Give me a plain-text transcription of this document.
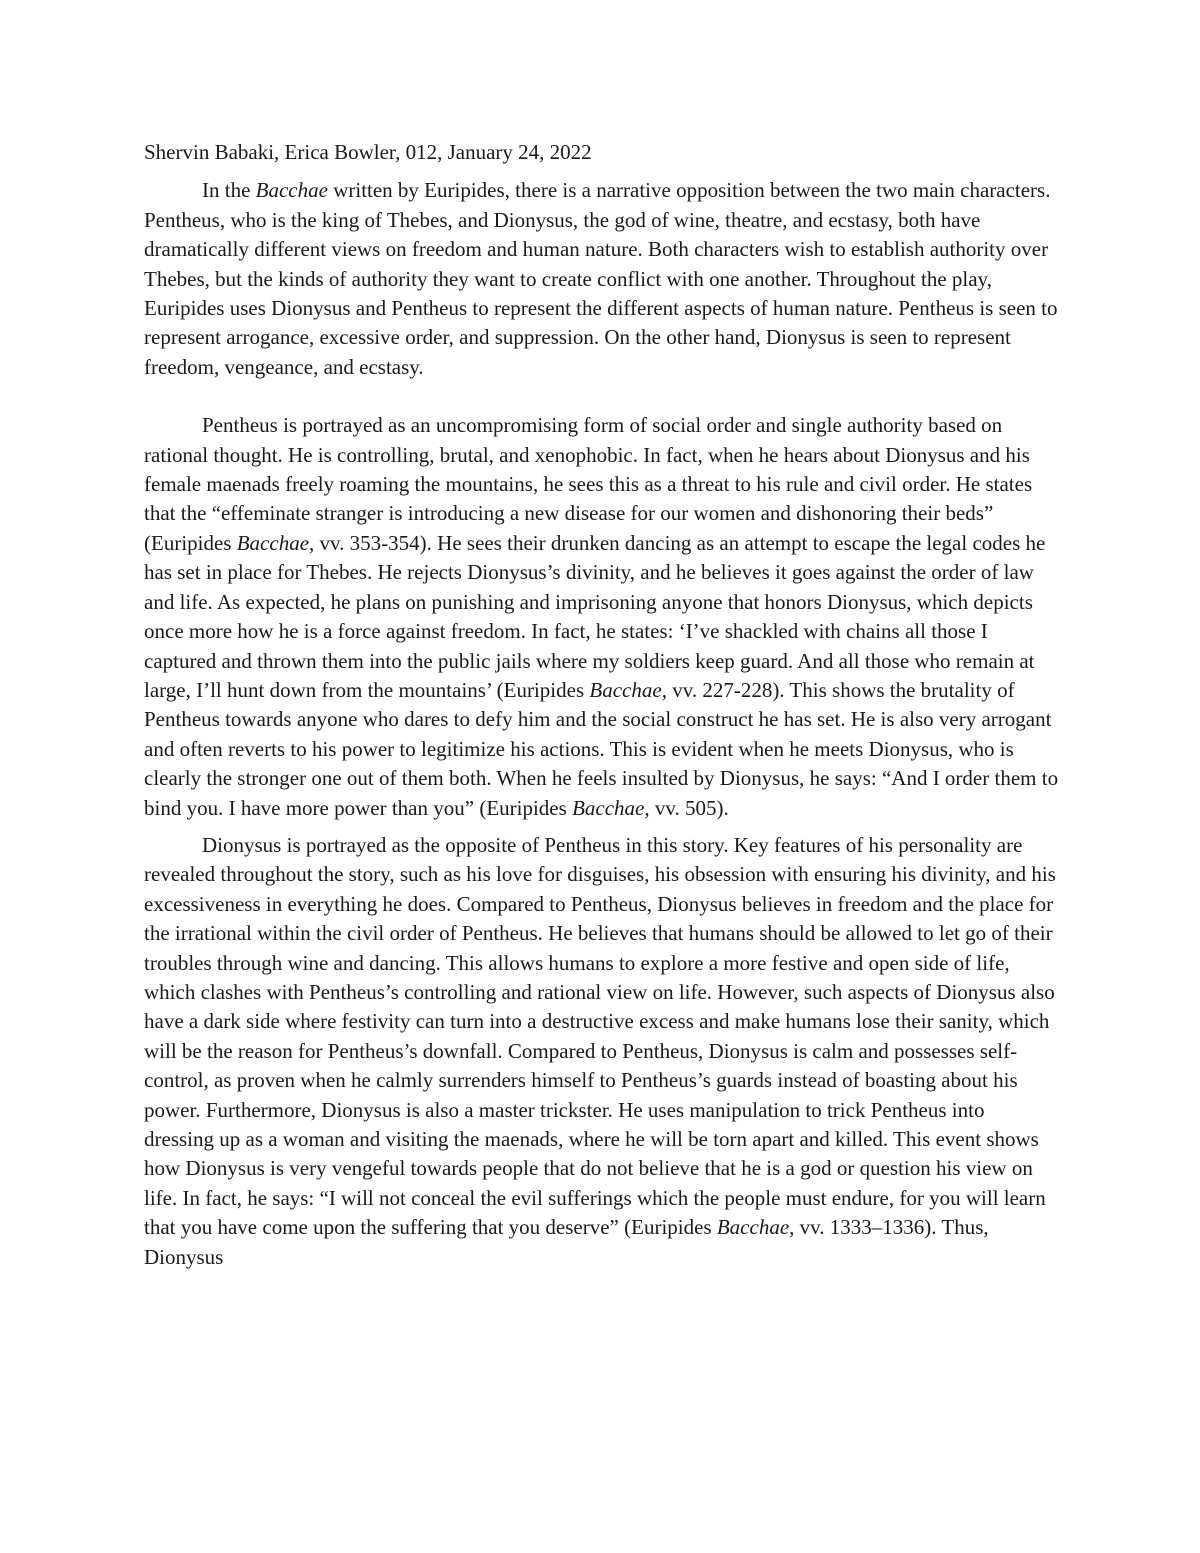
Shervin Babaki, Erica Bowler, 012, January 24, 2022

In the Bacchae written by Euripides, there is a narrative opposition between the two main characters. Pentheus, who is the king of Thebes, and Dionysus, the god of wine, theatre, and ecstasy, both have dramatically different views on freedom and human nature. Both characters wish to establish authority over Thebes, but the kinds of authority they want to create conflict with one another. Throughout the play, Euripides uses Dionysus and Pentheus to represent the different aspects of human nature. Pentheus is seen to represent arrogance, excessive order, and suppression. On the other hand, Dionysus is seen to represent freedom, vengeance, and ecstasy.

Pentheus is portrayed as an uncompromising form of social order and single authority based on rational thought. He is controlling, brutal, and xenophobic. In fact, when he hears about Dionysus and his female maenads freely roaming the mountains, he sees this as a threat to his rule and civil order. He states that the “effeminate stranger is introducing a new disease for our women and dishonoring their beds” (Euripides Bacchae, vv. 353-354). He sees their drunken dancing as an attempt to escape the legal codes he has set in place for Thebes. He rejects Dionysus’s divinity, and he believes it goes against the order of law and life. As expected, he plans on punishing and imprisoning anyone that honors Dionysus, which depicts once more how he is a force against freedom. In fact, he states: ‘I’ve shackled with chains all those I captured and thrown them into the public jails where my soldiers keep guard. And all those who remain at large, I’ll hunt down from the mountains’ (Euripides Bacchae, vv. 227-228). This shows the brutality of Pentheus towards anyone who dares to defy him and the social construct he has set. He is also very arrogant and often reverts to his power to legitimize his actions. This is evident when he meets Dionysus, who is clearly the stronger one out of them both. When he feels insulted by Dionysus, he says: “And I order them to bind you. I have more power than you” (Euripides Bacchae, vv. 505).

Dionysus is portrayed as the opposite of Pentheus in this story. Key features of his personality are revealed throughout the story, such as his love for disguises, his obsession with ensuring his divinity, and his excessiveness in everything he does. Compared to Pentheus, Dionysus believes in freedom and the place for the irrational within the civil order of Pentheus. He believes that humans should be allowed to let go of their troubles through wine and dancing. This allows humans to explore a more festive and open side of life, which clashes with Pentheus’s controlling and rational view on life. However, such aspects of Dionysus also have a dark side where festivity can turn into a destructive excess and make humans lose their sanity, which will be the reason for Pentheus’s downfall. Compared to Pentheus, Dionysus is calm and possesses self-control, as proven when he calmly surrenders himself to Pentheus’s guards instead of boasting about his power. Furthermore, Dionysus is also a master trickster. He uses manipulation to trick Pentheus into dressing up as a woman and visiting the maenads, where he will be torn apart and killed. This event shows how Dionysus is very vengeful towards people that do not believe that he is a god or question his view on life. In fact, he says: “I will not conceal the evil sufferings which the people must endure, for you will learn that you have come upon the suffering that you deserve” (Euripides Bacchae, vv. 1333–1336). Thus, Dionysus
